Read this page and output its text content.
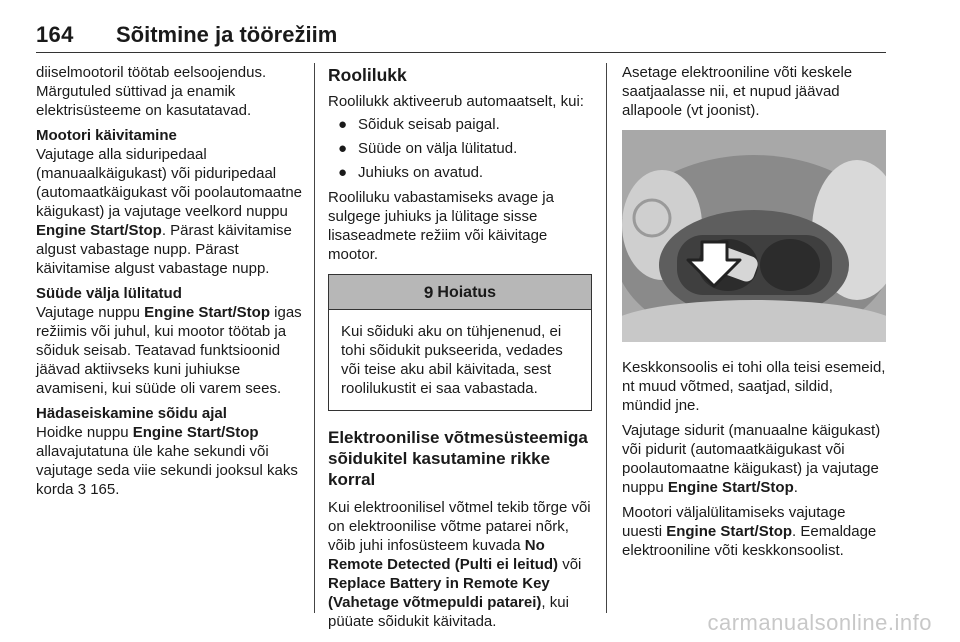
164 Sõitmine ja töörežiim

diiselmootoril töötab eelsoojendus. Märgutuled süttivad ja enamik elektrisüsteeme on kasutatavad.

Mootori käivitamine

Vajutage alla siduripedaal (manuaalkäigukast) või piduripedaal (automaatkäigukast või poolautomaatne käigukast) ja vajutage veelkord nuppu Engine Start/Stop. Pärast käivitamise algust vabastage nupp. Pärast käivitamise algust vabastage nupp.

Süüde välja lülitatud

Vajutage nuppu Engine Start/Stop igas režiimis või juhul, kui mootor töötab ja sõiduk seisab. Teatavad funktsioonid jäävad aktiivseks kuni juhiukse avamiseni, kui süüde oli varem sees.

Hädaseiskamine sõidu ajal

Hoidke nuppu Engine Start/Stop allavajutatuna üle kahe sekundi või vajutage seda viie sekundi jooksul kaks korda 3 165.

Roolilukk

Roolilukk aktiveerub automaatselt, kui:

● Sõiduk seisab paigal.
● Süüde on välja lülitatud.
● Juhiuks on avatud.

Rooliluku vabastamiseks avage ja sulgege juhiuks ja lülitage sisse lisaseadmete režiim või käivitage mootor.

9 Hoiatus
Kui sõiduki aku on tühjenenud, ei tohi sõidukit pukseerida, vedades või teise aku abil käivitada, sest roolilukustit ei saa vabastada.

Elektroonilise võtmesüsteemiga sõidukitel kasutamine rikke korral

Kui elektroonilisel võtmel tekib tõrge või on elektroonilise võtme patarei nõrk, võib juhi infosüsteem kuvada No Remote Detected (Pulti ei leitud) või Replace Battery in Remote Key (Vahetage võtmepuldi patarei), kui püüate sõidukit käivitada.

Asetage elektrooniline võti keskele saatjaalasse nii, et nupud jäävad allapoole (vt joonist).

Keskkonsoolis ei tohi olla teisi esemeid, nt muud võtmed, saatjad, sildid, mündid jne.

Vajutage sidurit (manuaalne käigukast) või pidurit (automaatkäigukast või poolautomaatne käigukast) ja vajutage nuppu Engine Start/Stop.

Mootori väljalülitamiseks vajutage uuesti Engine Start/Stop. Eemaldage elektrooniline võti keskkonsoolist.

carmanualsonline.info
